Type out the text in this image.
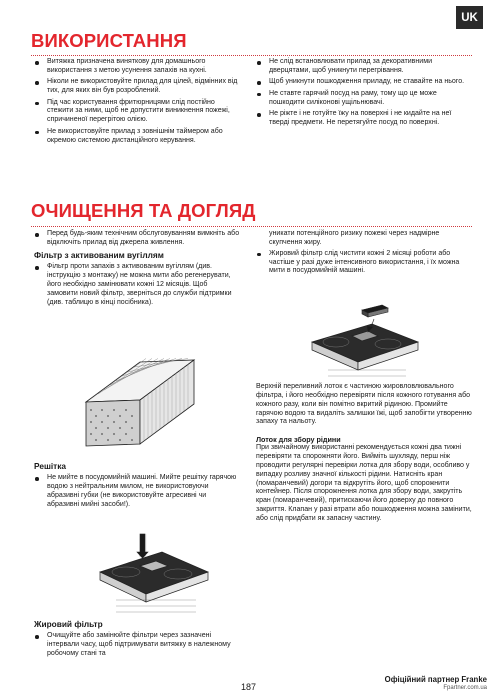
UK
ВИКОРИСТАННЯ
Витяжка призначена виняткову для домашнього використання з метою усунення запахів на кухні.
Ніколи не використовуйте прилад для цілей, відмінних від тих, для яких він був розроблений.
Під час користування фритюрницями слід постійно стежити за ними, щоб не допустити виникнення пожежі, спричиненої перегрітою олією.
Не використовуйте прилад з зовнішнім таймером або окремою системою дистанційного керування.
Не слід встановлювати прилад за декоративними дверцятами, щоб уникнути перегрівання.
Щоб уникнути пошкодження приладу, не ставайте на нього.
Не ставте гарячий посуд на раму, тому що це може пошкодити силіконові ущільнювачі.
Не ріжте і не готуйте їжу на поверхні і не кидайте на неї тверді предмети. Не перетягуйте посуд по поверхні.
ОЧИЩЕННЯ ТА ДОГЛЯД
Перед будь-яким технічним обслуговуванням вимкніть або відключіть прилад від джерела живлення.
Фільтр з активованим вугіллям
Фільтр проти запахів з активованим вугіллям (див. інструкцію з монтажу) не можна мити або регенерувати, його необхідно замінювати кожні 12 місяців. Щоб замовити новий фільтр, зверніться до служби підтримки (див. таблицю в кінці посібника).
Решітка
Не мийте в посудомийній машині. Мийте решітку гарячою водою з нейтральним милом, не використовуючи абразивні губки (не використовуйте агресивні чи абразивні мийні засоби!).
Жировий фільтр
Очищуйте або замінюйте фільтри через зазначені інтервали часу, щоб підтримувати витяжку в належному робочому стані та
уникати потенційного ризику пожежі через надмірне скупчення жиру.
Жировий фільтр слід чистити кожні 2 місяці роботи або частіше у разі дуже інтенсивного використання, і їх можна мити в посудомийній машині.
Верхній переливний лоток є частиною жировловлювального фільтра, і його необхідно перевіряти після кожного готування або кожного разу, коли він помітно вкритий рідиною. Промийте гарячою водою та видаліть залишки їжі, щоб запобігти утворенню запаху та нальоту.
Лоток для збору рідини
При звичайному використанні рекомендується кожні два тижні перевіряти та спорожняти його. Вийміть шухляду, перш ніж проводити регулярні перевірки лотка для збору води, особливо у випадку розливу значної кількості рідини. Натисніть кран (помаранчевий) догори та відкрутіть його, щоб спорожнити контейнер. Після спорожнення лотка для збору води, закрутіть кран (помаранчевий), притискаючи його доверху до повного закриття. Клапан у разі втрати або пошкодження можна замінити, або слід придбати як запасну частину.
187
Офіційний партнер Franke
Fpartner.com.ua
